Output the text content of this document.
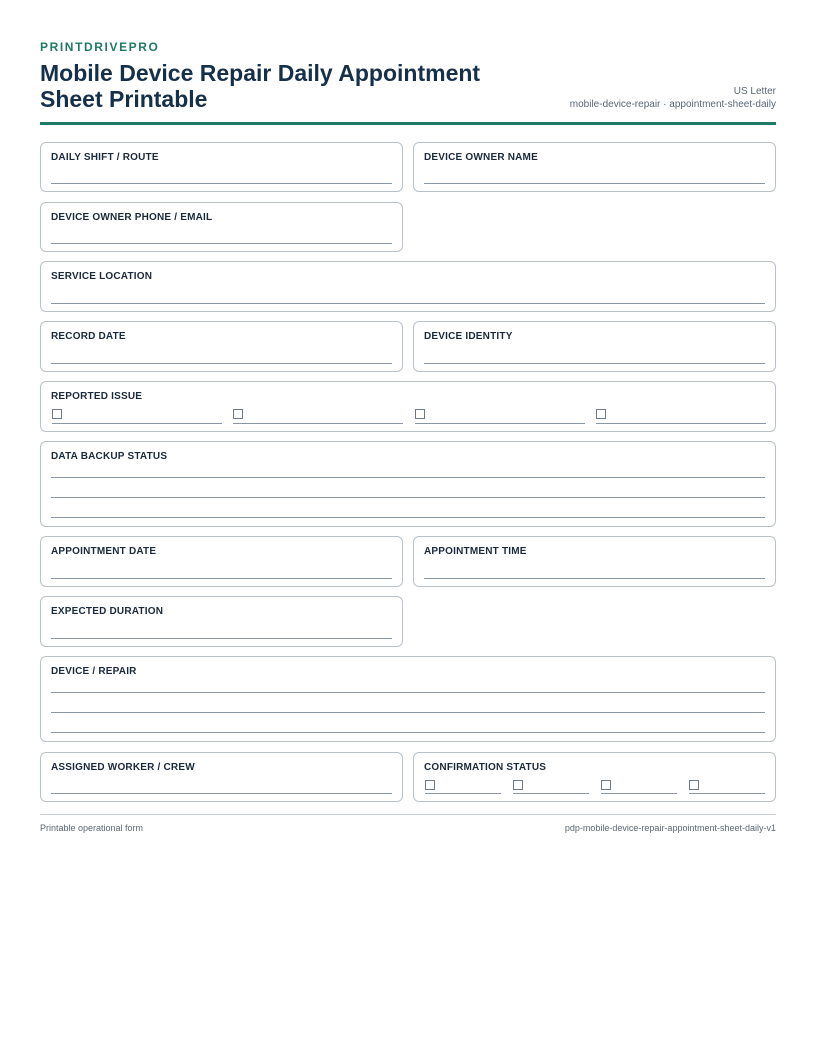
PRINTDRIVEPRO
Mobile Device Repair Daily Appointment Sheet Printable	US Letter
mobile-device-repair · appointment-sheet-daily
DAILY SHIFT / ROUTE	DEVICE OWNER NAME
DEVICE OWNER PHONE / EMAIL
SERVICE LOCATION
RECORD DATE	DEVICE IDENTITY
REPORTED ISSUE
DATA BACKUP STATUS
APPOINTMENT DATE	APPOINTMENT TIME
EXPECTED DURATION
DEVICE / REPAIR
ASSIGNED WORKER / CREW	CONFIRMATION STATUS
Printable operational form	pdp-mobile-device-repair-appointment-sheet-daily-v1
